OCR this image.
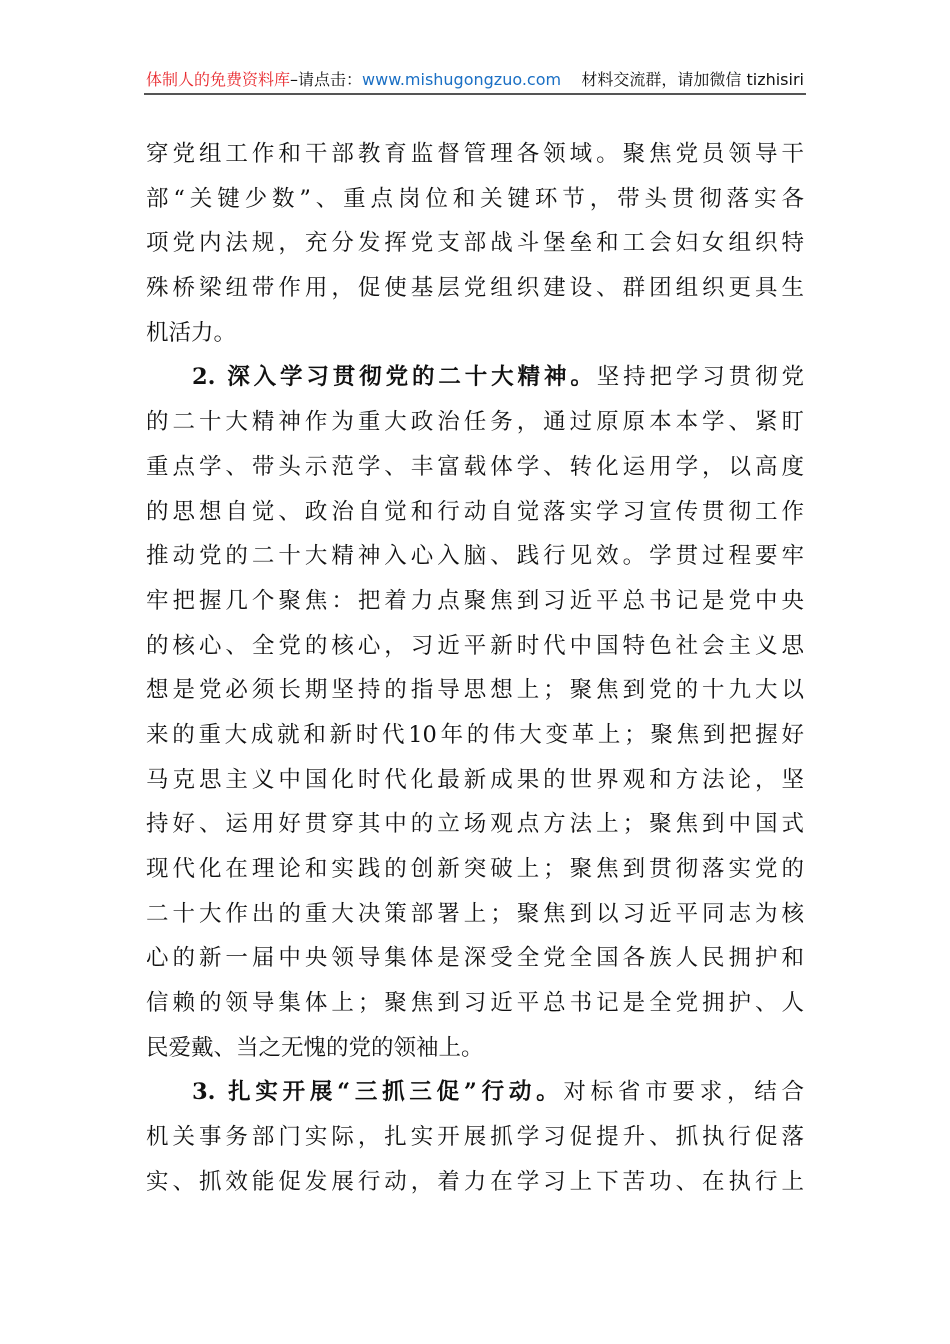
体制人的免费资料库–请点击：www.mishugongzuo.com 材料交流群，请加微信 tizhisiri
穿党组工作和干部教育监督管理各领域。聚焦党员领导干
部“关键少数”、重点岗位和关键环节，带头贯彻落实各
项党内法规，充分发挥党支部战斗堡垒和工会妇女组织特
殊桥梁纽带作用，促使基层党组织建设、群团组织更具生
机活力。
2. 深入学习贯彻党的二十大精神。坚持把学习贯彻党
的二十大精神作为重大政治任务，通过原原本本学、紧盯
重点学、带头示范学、丰富载体学、转化运用学，以高度
的思想自觉、政治自觉和行动自觉落实学习宣传贯彻工作
推动党的二十大精神入心入脑、践行见效。学贯过程要牢
牢把握几个聚焦：把着力点聚焦到习近平总书记是党中央
的核心、全党的核心，习近平新时代中国特色社会主义思
想是党必须长期坚持的指导思想上；聚焦到党的十九大以
来的重大成就和新时代10年的伟大变革上；聚焦到把握好
马克思主义中国化时代化最新成果的世界观和方法论，坚
持好、运用好贯穿其中的立场观点方法上；聚焦到中国式
现代化在理论和实践的创新突破上；聚焦到贯彻落实党的
二十大作出的重大决策部署上；聚焦到以习近平同志为核
心的新一届中央领导集体是深受全党全国各族人民拥护和
信赖的领导集体上；聚焦到习近平总书记是全党拥护、人
民爱戴、当之无愧的党的领袖上。
3. 扎实开展“三抓三促”行动。对标省市要求，结合
机关事务部门实际，扎实开展抓学习促提升、抓执行促落
实、抓效能促发展行动，着力在学习上下苦功、在执行上
